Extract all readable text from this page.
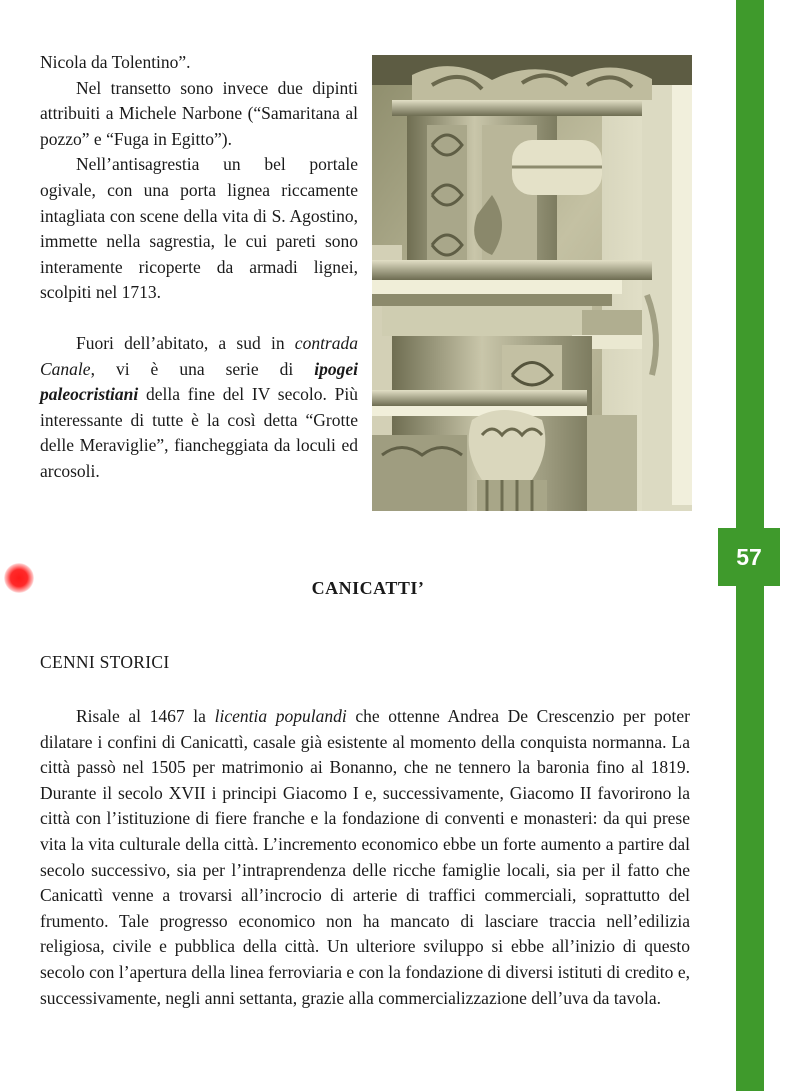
57

Nicola da Tolentino”.

Nel transetto sono invece due dipinti attribuiti a Michele Narbone (“Samaritana al pozzo” e “Fuga in Egitto”).

Nell’antisagrestia un bel portale ogivale, con una porta lignea riccamente intagliata con scene della vita di S. Agostino, immette nella sagrestia, le cui pareti sono interamente ricoperte da armadi lignei, scolpiti nel 1713.

Fuori dell’abitato, a sud in contrada Canale, vi è una serie di ipogei paleocristiani della fine del IV secolo. Più interessante di tutte è la così detta “Grotte delle Meraviglie”, fiancheggiata da loculi ed arcosoli.

CANICATTI’
CENNI STORICI

Risale al 1467 la licentia populandi che ottenne Andrea De Crescenzio per poter dilatare i confini di Canicattì, casale già esistente al momento della conquista normanna. La città passò nel 1505 per matrimonio ai Bonanno, che ne tennero la baronia fino al 1819. Durante il secolo XVII i principi Giacomo I e, successivamente, Giacomo II favorirono la città con l’istituzione di fiere franche e la fondazione di conventi e monasteri: da qui prese vita la vita culturale della città. L’incremento economico ebbe un forte aumento a partire dal secolo successivo, sia per l’intraprendenza delle ricche famiglie locali, sia per il fatto che Canicattì venne a trovarsi all’incrocio di arterie di traffici commerciali, soprattutto del frumento. Tale progresso economico non ha mancato di lasciare traccia nell’edilizia religiosa, civile e pubblica della città. Un ulteriore sviluppo si ebbe all’inizio di questo secolo con l’apertura della linea ferroviaria e con la fondazione di diversi istituti di credito e, successivamente, negli anni settanta, grazie alla commercializzazione dell’uva da tavola.
